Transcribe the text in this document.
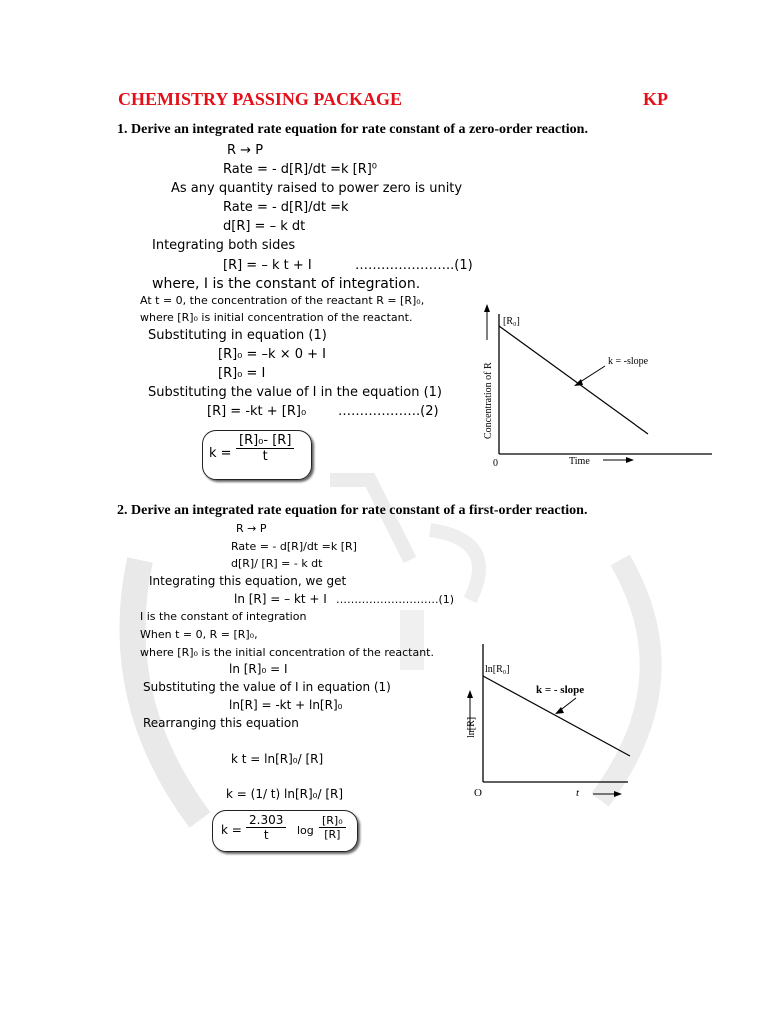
CHEMISTRY PASSING PACKAGE	KP
1. Derive an integrated rate equation for rate constant of a zero-order reaction.
R → P
Rate = - d[R]/dt =k [R]⁰
As any quantity raised to power zero is unity
Rate = - d[R]/dt =k
d[R] = – k dt
Integrating both sides
[R] = – k t + I	…………………..(1)
where, I is the constant of integration.
At t = 0, the concentration of the reactant R = [R]₀,
where [R]₀ is initial concentration of the reactant.
Substituting in equation (1)
[R]₀ = –k × 0 + I
[R]₀ = I
Substituting the value of I in the equation (1)
[R] = -kt + [R]₀ ……………….(2)
$k = \frac{\text{[R]₀- [R]}}{t}$
[R₀]
k = -slope
0	Time
Concentration of R
2. Derive an integrated rate equation for rate constant of a first-order reaction.
R → P
Rate = - d[R]/dt =k [R]
d[R]/ [R] = - k dt
Integrating this equation, we get
ln [R] = – kt + I ……………………….(1)
I is the constant of integration
When t = 0, R = [R]₀,
where [R]₀ is the initial concentration of the reactant.
ln [R]₀ = I
Substituting the value of I in equation (1)
ln[R] = -kt + ln[R]₀
Rearranging this equation
k t = ln[R]₀/ [R]
k = (1/ t) ln[R]₀/ [R]
$k = \frac{2.303}{t}$ $\log \frac{\text{[R]₀}}{[R]}$
ln[R₀]
k = - slope
O	t
ln[R]
